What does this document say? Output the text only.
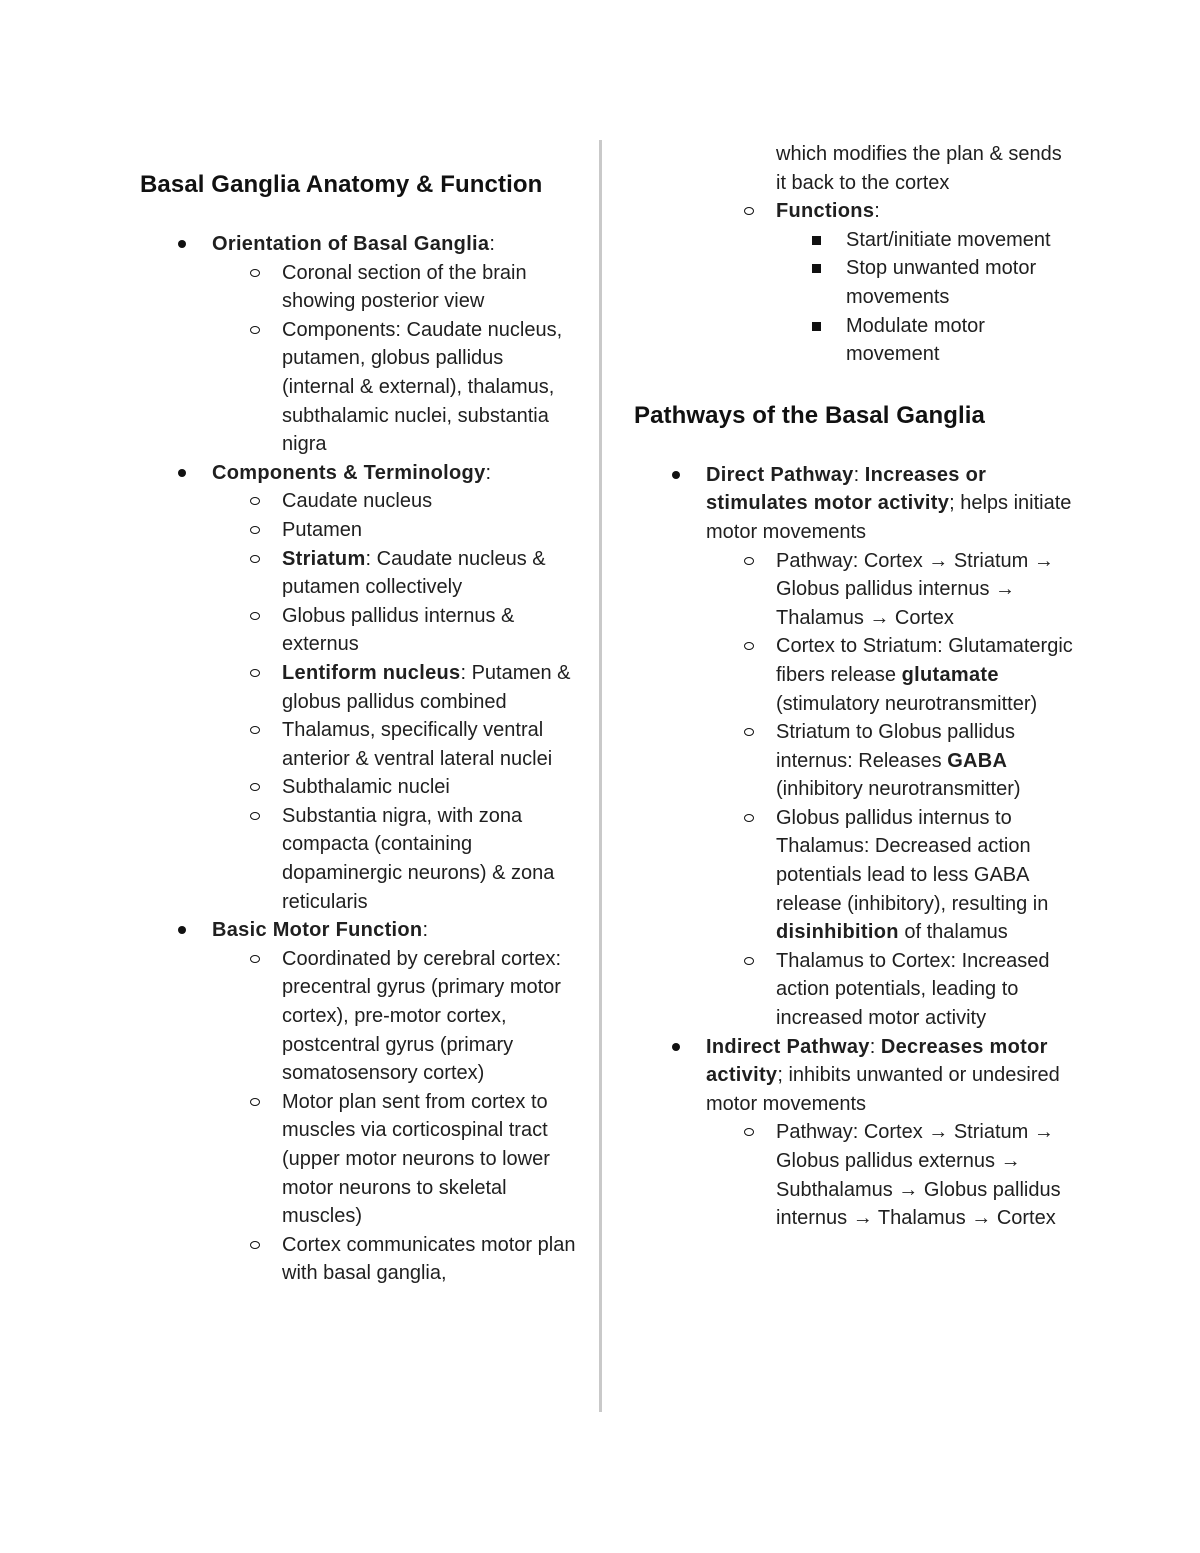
Basal Ganglia Anatomy & Function
Orientation of Basal Ganglia:
Coronal section of the brain showing posterior view
Components: Caudate nucleus, putamen, globus pallidus (internal & external), thalamus, subthalamic nuclei, substantia nigra
Components & Terminology:
Caudate nucleus
Putamen
Striatum: Caudate nucleus & putamen collectively
Globus pallidus internus & externus
Lentiform nucleus: Putamen & globus pallidus combined
Thalamus, specifically ventral anterior & ventral lateral nuclei
Subthalamic nuclei
Substantia nigra, with zona compacta (containing dopaminergic neurons) & zona reticularis
Basic Motor Function:
Coordinated by cerebral cortex: precentral gyrus (primary motor cortex), pre-motor cortex, postcentral gyrus (primary somatosensory cortex)
Motor plan sent from cortex to muscles via corticospinal tract (upper motor neurons to lower motor neurons to skeletal muscles)
Cortex communicates motor plan with basal ganglia,
which modifies the plan & sends it back to the cortex
Functions:
Start/initiate movement
Stop unwanted motor movements
Modulate motor movement
Pathways of the Basal Ganglia
Direct Pathway: Increases or stimulates motor activity; helps initiate motor movements
Pathway: Cortex → Striatum → Globus pallidus internus → Thalamus → Cortex
Cortex to Striatum: Glutamatergic fibers release glutamate (stimulatory neurotransmitter)
Striatum to Globus pallidus internus: Releases GABA (inhibitory neurotransmitter)
Globus pallidus internus to Thalamus: Decreased action potentials lead to less GABA release (inhibitory), resulting in disinhibition of thalamus
Thalamus to Cortex: Increased action potentials, leading to increased motor activity
Indirect Pathway: Decreases motor activity; inhibits unwanted or undesired motor movements
Pathway: Cortex → Striatum → Globus pallidus externus → Subthalamus → Globus pallidus internus → Thalamus → Cortex
